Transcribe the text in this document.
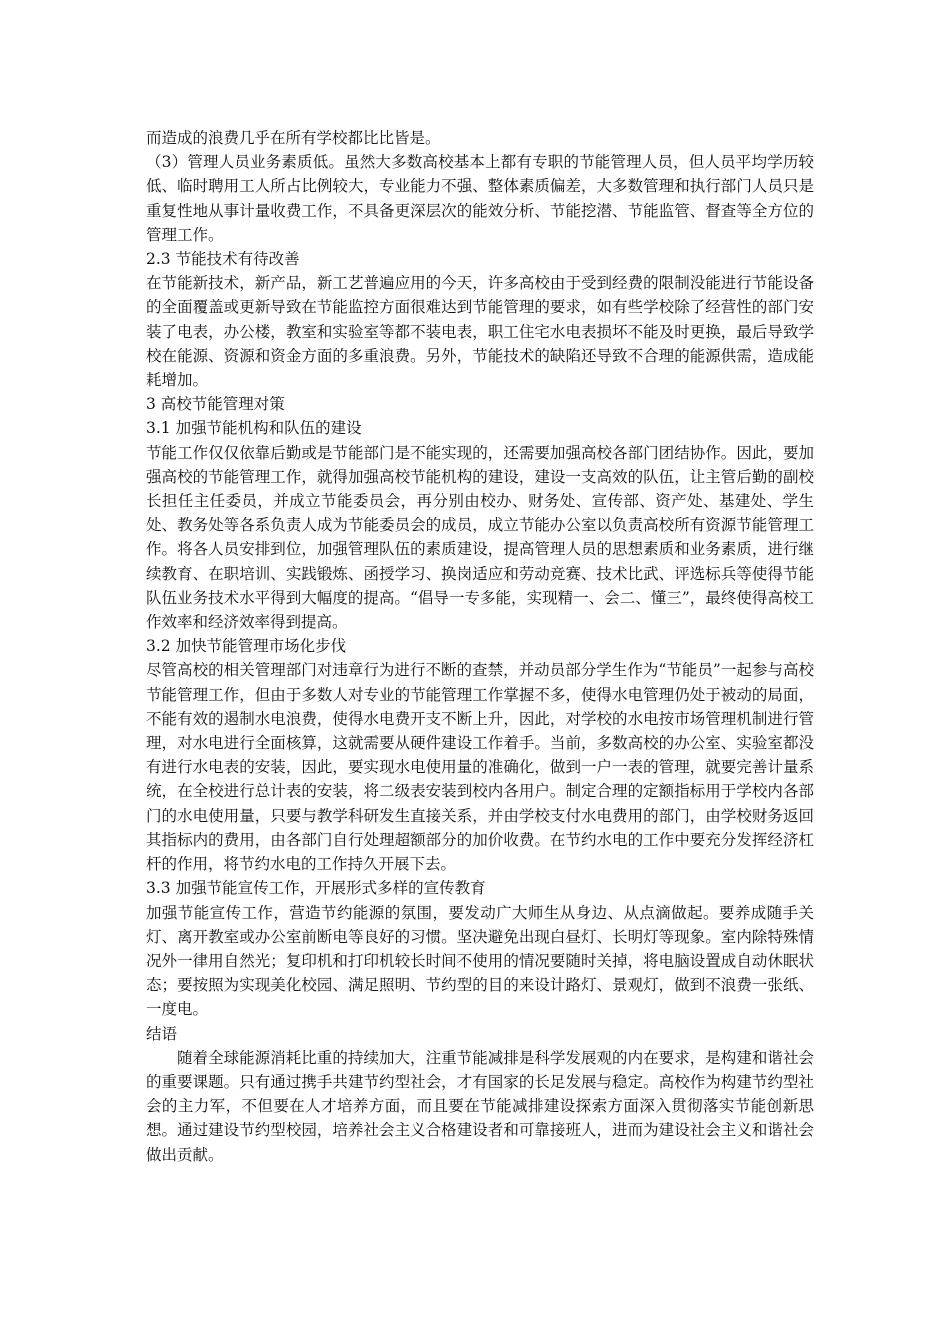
而造成的浪费几乎在所有学校都比比皆是。

（3）管理人员业务素质低。虽然大多数高校基本上都有专职的节能管理人员，但人员平均学历较低、临时聘用工人所占比例较大，专业能力不强、整体素质偏差，大多数管理和执行部门人员只是重复性地从事计量收费工作，不具备更深层次的能效分析、节能挖潜、节能监管、督查等全方位的管理工作。

2.3 节能技术有待改善

在节能新技术，新产品，新工艺普遍应用的今天，许多高校由于受到经费的限制没能进行节能设备的全面覆盖或更新导致在节能监控方面很难达到节能管理的要求，如有些学校除了经营性的部门安装了电表，办公楼，教室和实验室等都不装电表，职工住宅水电表损坏不能及时更换，最后导致学校在能源、资源和资金方面的多重浪费。另外，节能技术的缺陷还导致不合理的能源供需，造成能耗增加。

3 高校节能管理对策

3.1 加强节能机构和队伍的建设

节能工作仅仅依靠后勤或是节能部门是不能实现的，还需要加强高校各部门团结协作。因此，要加强高校的节能管理工作，就得加强高校节能机构的建设，建设一支高效的队伍，让主管后勤的副校长担任主任委员，并成立节能委员会，再分别由校办、财务处、宣传部、资产处、基建处、学生处、教务处等各系负责人成为节能委员会的成员，成立节能办公室以负责高校所有资源节能管理工作。将各人员安排到位，加强管理队伍的素质建设，提高管理人员的思想素质和业务素质，进行继续教育、在职培训、实践锻炼、函授学习、换岗适应和劳动竞赛、技术比武、评选标兵等使得节能队伍业务技术水平得到大幅度的提高。“倡导一专多能，实现精一、会二、懂三”，最终使得高校工作效率和经济效率得到提高。

3.2 加快节能管理市场化步伐

尽管高校的相关管理部门对违章行为进行不断的查禁，并动员部分学生作为“节能员”一起参与高校节能管理工作，但由于多数人对专业的节能管理工作掌握不多，使得水电管理仍处于被动的局面，不能有效的遏制水电浪费，使得水电费开支不断上升，因此，对学校的水电按市场管理机制进行管理，对水电进行全面核算，这就需要从硬件建设工作着手。当前，多数高校的办公室、实验室都没有进行水电表的安装，因此，要实现水电使用量的准确化，做到一户一表的管理，就要完善计量系统，在全校进行总计表的安装，将二级表安装到校内各用户。制定合理的定额指标用于学校内各部门的水电使用量，只要与教学科研发生直接关系，并由学校支付水电费用的部门，由学校财务返回其指标内的费用，由各部门自行处理超额部分的加价收费。在节约水电的工作中要充分发挥经济杠杆的作用，将节约水电的工作持久开展下去。

3.3 加强节能宣传工作，开展形式多样的宣传教育

加强节能宣传工作，营造节约能源的氛围，要发动广大师生从身边、从点滴做起。要养成随手关灯、离开教室或办公室前断电等良好的习惯。坚决避免出现白昼灯、长明灯等现象。室内除特殊情况外一律用自然光；复印机和打印机较长时间不使用的情况要随时关掉，将电脑设置成自动休眠状态；要按照为实现美化校园、满足照明、节约型的目的来设计路灯、景观灯，做到不浪费一张纸、一度电。

结语

随着全球能源消耗比重的持续加大，注重节能减排是科学发展观的内在要求，是构建和谐社会的重要课题。只有通过携手共建节约型社会，才有国家的长足发展与稳定。高校作为构建节约型社会的主力军，不但要在人才培养方面，而且要在节能减排建设探索方面深入贯彻落实节能创新思想。通过建设节约型校园，培养社会主义合格建设者和可靠接班人，进而为建设社会主义和谐社会做出贡献。
